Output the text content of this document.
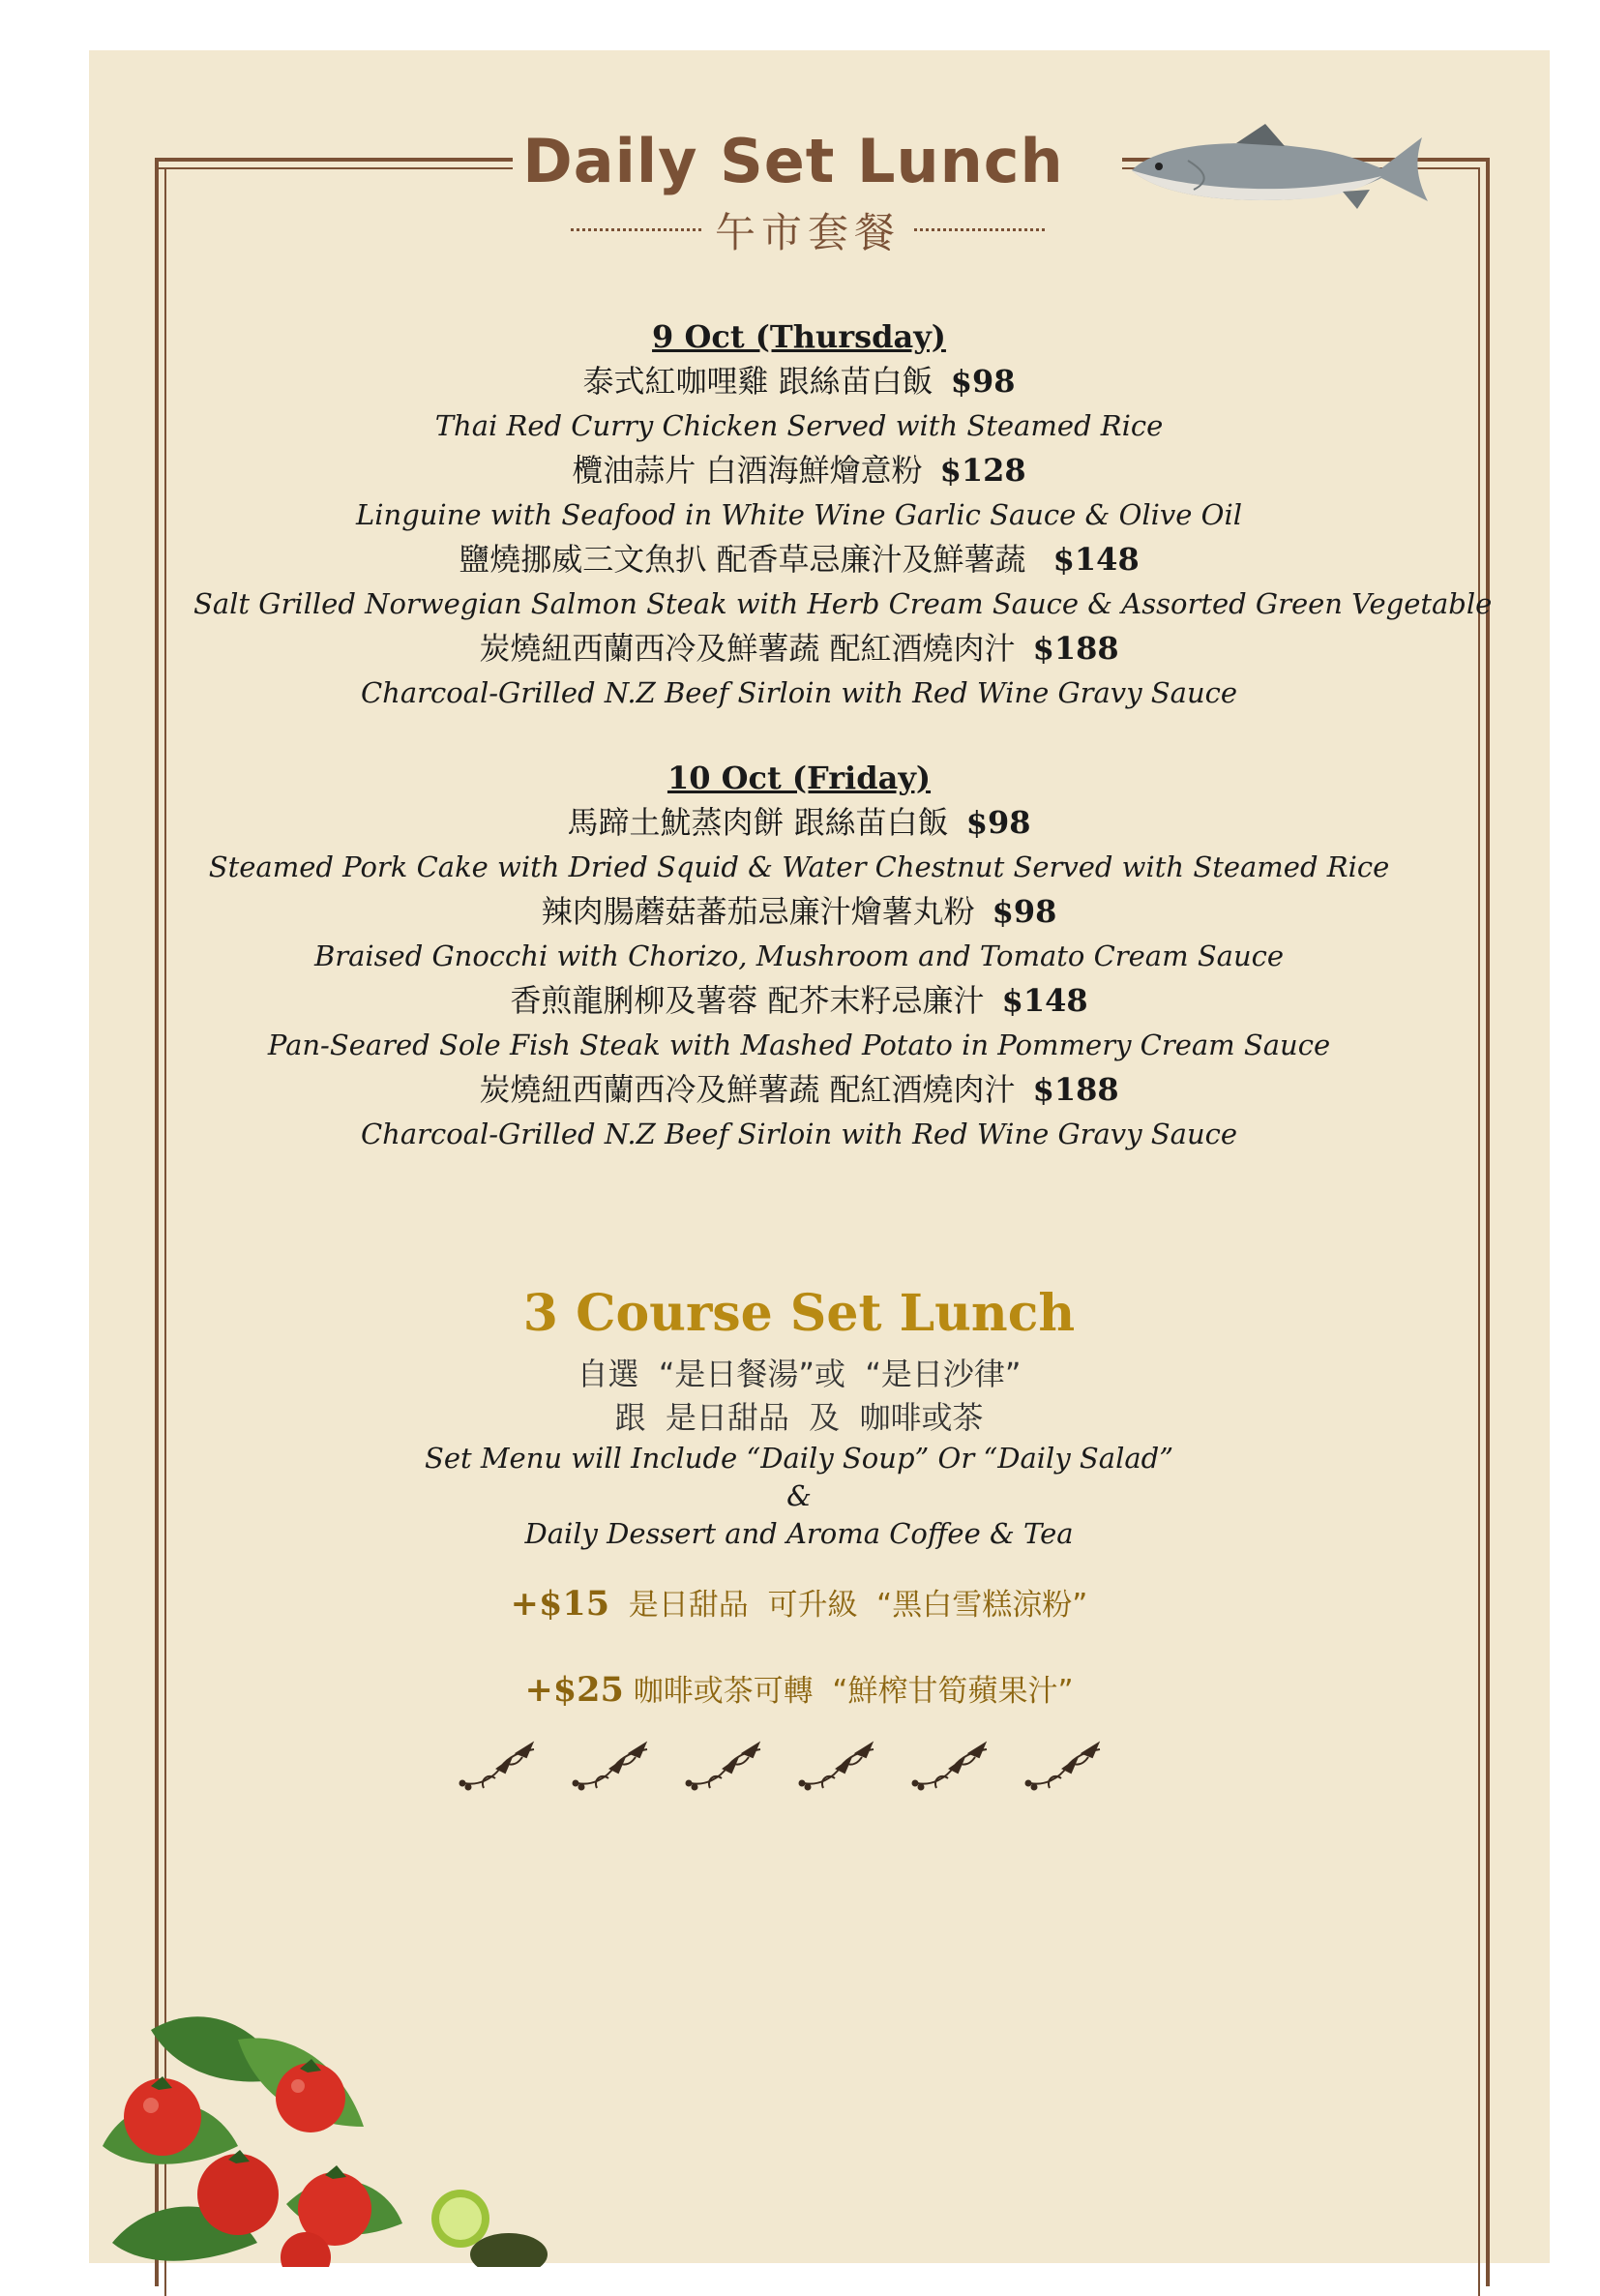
Daily Set Lunch
午市套餐
9 Oct (Thursday)
泰式紅咖哩雞 跟絲苗白飯 $98
Thai Red Curry Chicken Served with Steamed Rice
欖油蒜片 白酒海鮮燴意粉 $128
Linguine with Seafood in White Wine Garlic Sauce & Olive Oil
鹽燒挪威三文魚扒 配香草忌廉汁及鮮薯蔬 $148
Salt Grilled Norwegian Salmon Steak with Herb Cream Sauce & Assorted Green Vegetable
炭燒紐西蘭西冷及鮮薯蔬 配紅酒燒肉汁 $188
Charcoal-Grilled N.Z Beef Sirloin with Red Wine Gravy Sauce
10 Oct (Friday)
馬蹄土魷蒸肉餅 跟絲苗白飯 $98
Steamed Pork Cake with Dried Squid & Water Chestnut Served with Steamed Rice
辣肉腸蘑菇蕃茄忌廉汁燴薯丸粉 $98
Braised Gnocchi with Chorizo, Mushroom and Tomato Cream Sauce
香煎龍脷柳及薯蓉 配芥末籽忌廉汁 $148
Pan-Seared Sole Fish Steak with Mashed Potato in Pommery Cream Sauce
炭燒紐西蘭西冷及鮮薯蔬 配紅酒燒肉汁 $188
Charcoal-Grilled N.Z Beef Sirloin with Red Wine Gravy Sauce
3 Course Set Lunch
自選  “是日餐湯”或  “是日沙律”
跟  是日甜品  及  咖啡或茶
Set Menu will Include “Daily Soup” Or “Daily Salad”
&
Daily Dessert and Aroma Coffee & Tea
+$15  是日甜品  可升級  “黑白雪糕涼粉”
+$25 咖啡或茶可轉  “鮮榨甘筍蘋果汁”
